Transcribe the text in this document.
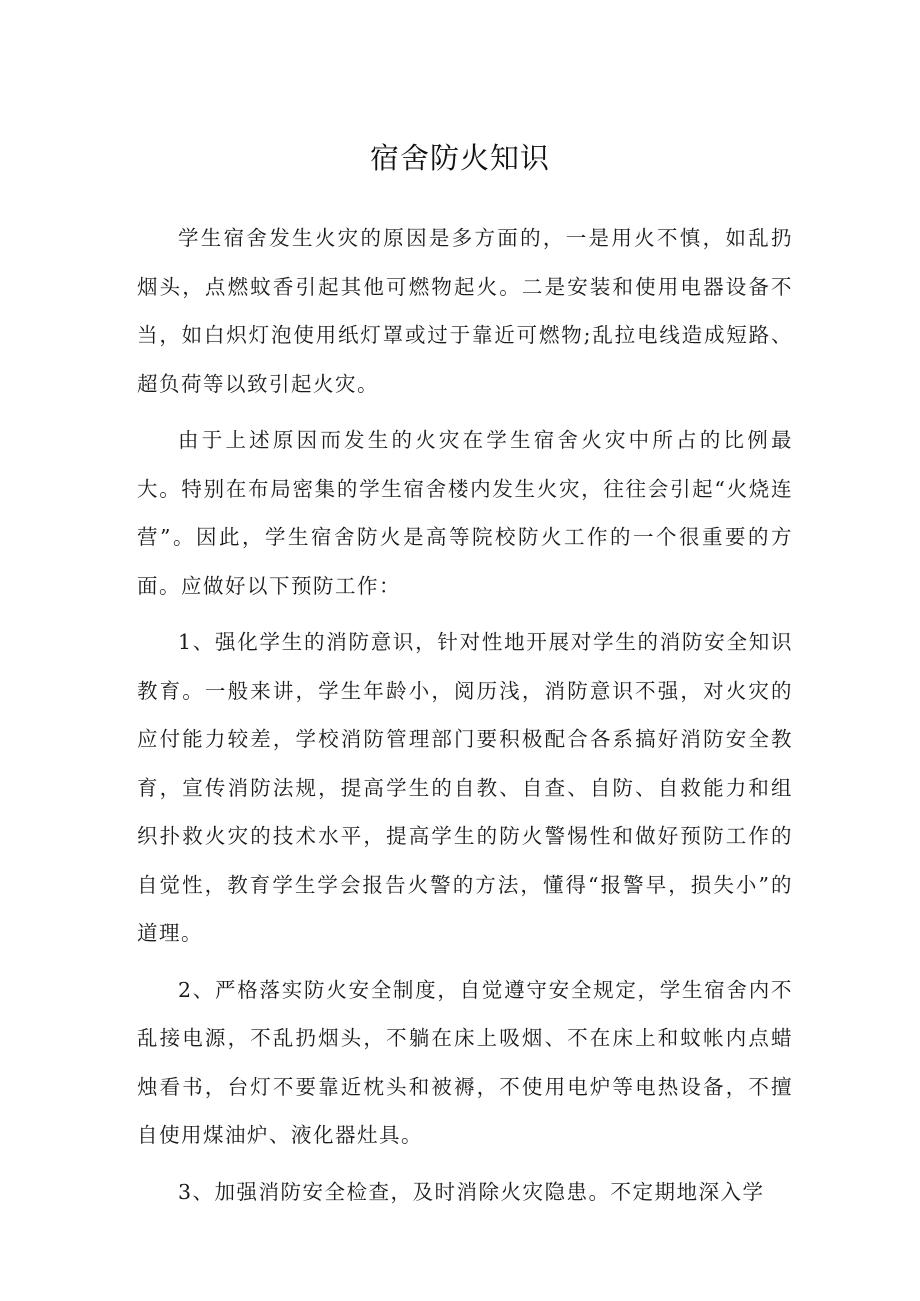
宿舍防火知识

学生宿舍发生火灾的原因是多方面的，一是用火不慎，如乱扔烟头，点燃蚊香引起其他可燃物起火。二是安装和使用电器设备不当，如白炽灯泡使用纸灯罩或过于靠近可燃物;乱拉电线造成短路、超负荷等以致引起火灾。

由于上述原因而发生的火灾在学生宿舍火灾中所占的比例最大。特别在布局密集的学生宿舍楼内发生火灾，往往会引起“火烧连营”。因此，学生宿舍防火是高等院校防火工作的一个很重要的方面。应做好以下预防工作：

1、强化学生的消防意识，针对性地开展对学生的消防安全知识教育。一般来讲，学生年龄小，阅历浅，消防意识不强，对火灾的应付能力较差，学校消防管理部门要积极配合各系搞好消防安全教育，宣传消防法规，提高学生的自教、自查、自防、自救能力和组织扑救火灾的技术水平，提高学生的防火警惕性和做好预防工作的自觉性，教育学生学会报告火警的方法，懂得“报警早，损失小”的道理。

2、严格落实防火安全制度，自觉遵守安全规定，学生宿舍内不乱接电源，不乱扔烟头，不躺在床上吸烟、不在床上和蚊帐内点蜡烛看书，台灯不要靠近枕头和被褥，不使用电炉等电热设备，不擅自使用煤油炉、液化器灶具。

3、加强消防安全检查，及时消除火灾隐患。不定期地深入学
